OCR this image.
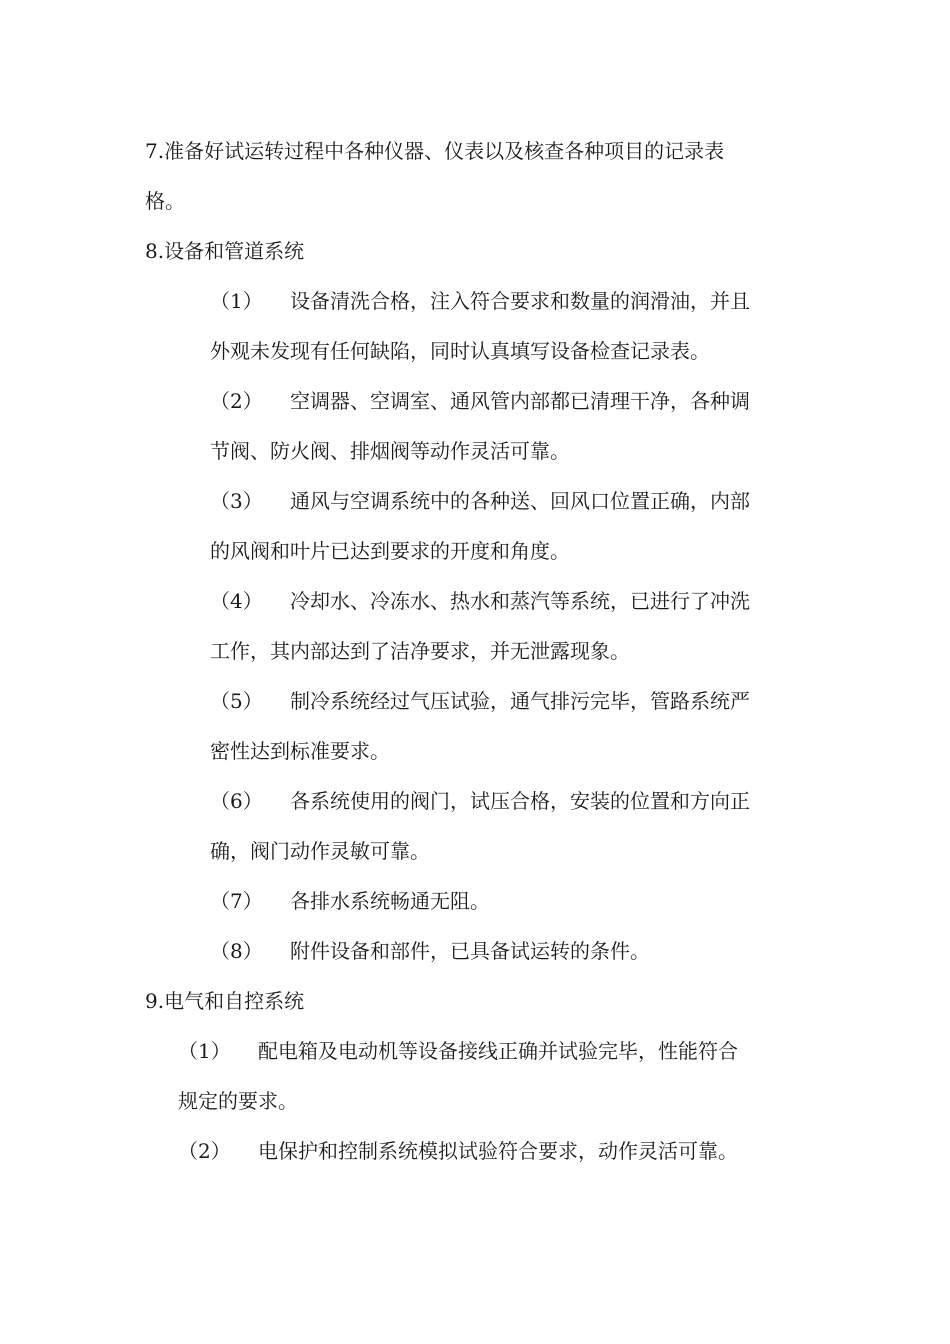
7.准备好试运转过程中各种仪器、仪表以及核查各种项目的记录表
格。
8.设备和管道系统
（1） 设备清洗合格，注入符合要求和数量的润滑油，并且
外观未发现有任何缺陷，同时认真填写设备检查记录表。
（2） 空调器、空调室、通风管内部都已清理干净，各种调
节阀、防火阀、排烟阀等动作灵活可靠。
（3） 通风与空调系统中的各种送、回风口位置正确，内部
的风阀和叶片已达到要求的开度和角度。
（4） 冷却水、冷冻水、热水和蒸汽等系统，已进行了冲洗
工作，其内部达到了洁净要求，并无泄露现象。
（5） 制冷系统经过气压试验，通气排污完毕，管路系统严
密性达到标准要求。
（6） 各系统使用的阀门，试压合格，安装的位置和方向正
确，阀门动作灵敏可靠。
（7） 各排水系统畅通无阻。
（8） 附件设备和部件，已具备试运转的条件。
9.电气和自控系统
（1） 配电箱及电动机等设备接线正确并试验完毕，性能符合
规定的要求。
（2） 电保护和控制系统模拟试验符合要求，动作灵活可靠。
